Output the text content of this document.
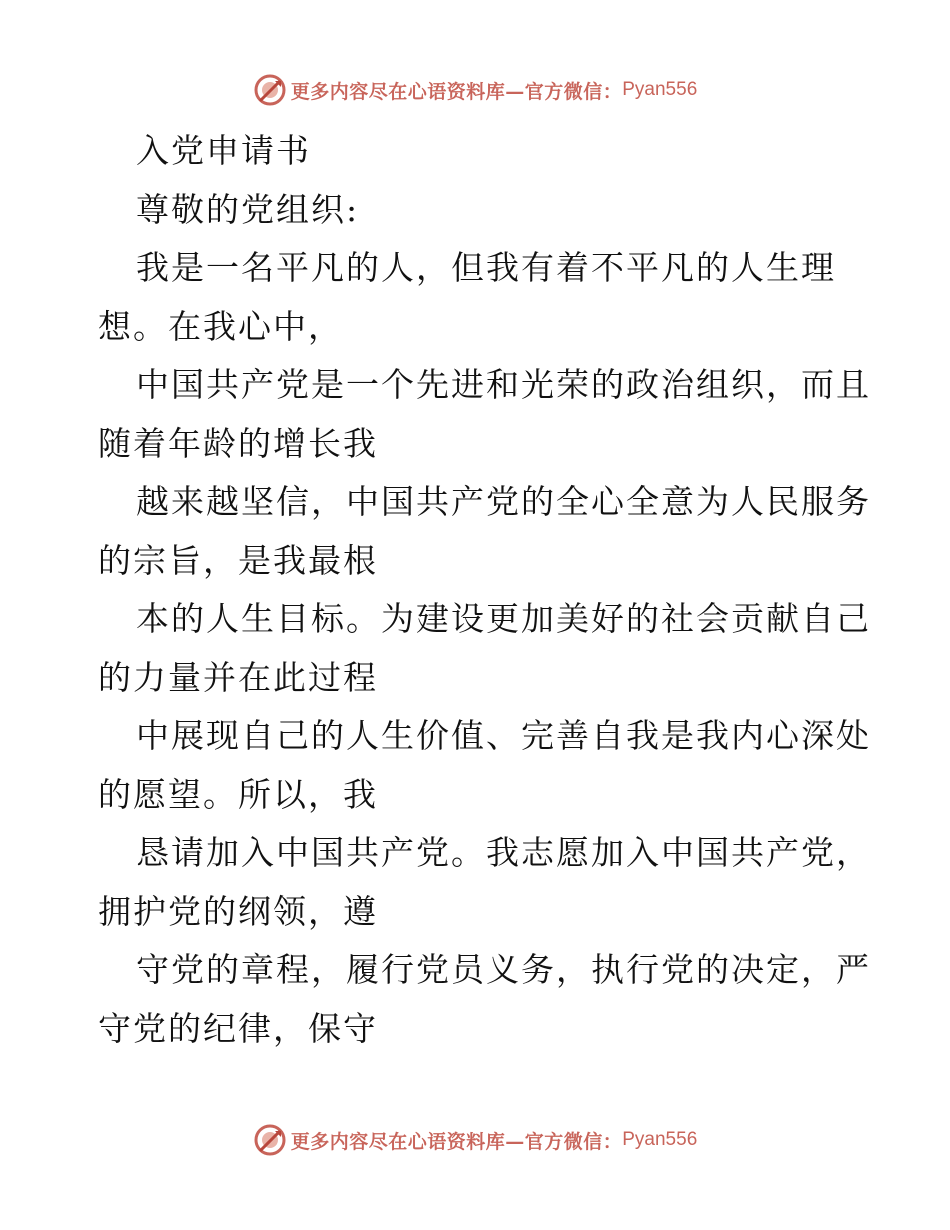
更多内容尽在心语资料库—官方微信： Pyan556
入党申请书
尊敬的党组织:
我是一名平凡的人，但我有着不平凡的人生理
想。在我心中，
中国共产党是一个先进和光荣的政治组织，而且
随着年龄的增长我
越来越坚信，中国共产党的全心全意为人民服务
的宗旨，是我最根
本的人生目标。为建设更加美好的社会贡献自己
的力量并在此过程
中展现自己的人生价值、完善自我是我内心深处
的愿望。所以，我
恳请加入中国共产党。我志愿加入中国共产党，
拥护党的纲领，遵
守党的章程，履行党员义务，执行党的决定，严
守党的纪律，保守
更多内容尽在心语资料库—官方微信： Pyan556
